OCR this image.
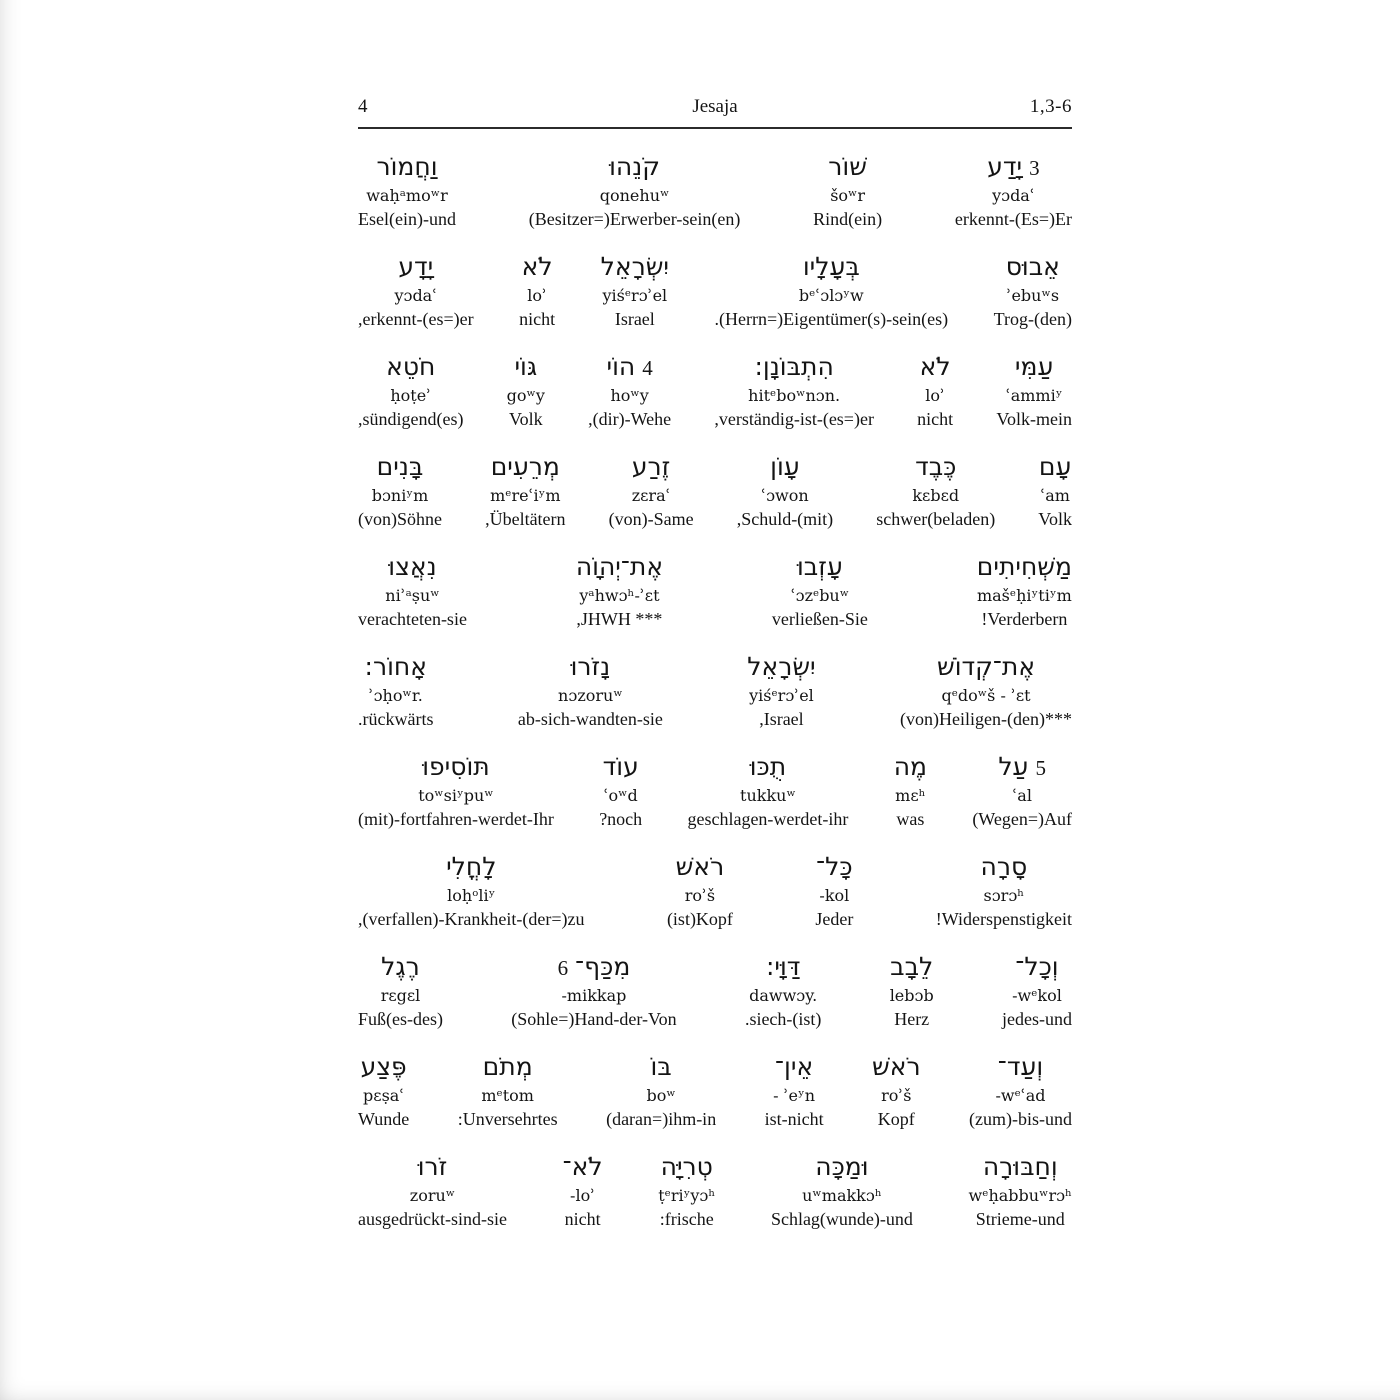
4	Jesaja	1,3-6
יָדַע 3
yɔdaʿ
erkennt-(Es=)Er
שׁוֹר
šoʷr
Rind(ein)
קֹנֵהוּ
qonehuʷ
(Besitzer=)Erwerber-sein(en)
וַחֲמוֹר
waḥᵃmoʷr
Esel(ein)-und
אֵבוּס
ʾebuʷs
Trog-(den)
בְּעָלָיו
bᵉʿɔlɔʸw
.(Herrn=)Eigentümer(s)-sein(es)
יִשְׂרָאֵל
yiśᵉrɔʾel
Israel
לֹא
loʾ
nicht
יָדָע
yɔdaʿ
,erkennt-(es=)er
עַמִּי
ʿammiʸ
Volk-mein
לֹא
loʾ
nicht
הִתְבּוֹנָן:
hitᵉboʷnɔn.
,verständig-ist-(es=)er
הוֹי 4
hoʷy
,(dir)-Wehe
גּוֹי
goʷy
Volk
חֹטֵא
ḥoṭeʾ
,sündigend(es)
עָם
ʿam
Volk
כֶּבֶד
kɛbɛd
schwer(beladen)
עָוֹן
ʿɔwon
,Schuld-(mit)
זֶרַע
zɛraʿ
(von)-Same
מְרֵעִים
mᵉreʿiʸm
,Übeltätern
בָּנִים
bɔniʸm
(von)Söhne
מַשְׁחִיתִים
mašᵉḥiʸtiʸm
!Verderbern
עָזְבוּ
ʿɔzᵉbuʷ
verließen-Sie
אֶת־יְהוָֹה
yᵃhwɔʰ-ʾɛt
,JHWH ***
נִאֲצוּ
niʾᵃṣuʷ
verachteten-sie
אֶת־קְדוֹשׁ
qᵉdoʷš - ʾɛt
(von)Heiligen-(den)***
יִשְׂרָאֵל
yiśᵉrɔʾel
,Israel
נָזֹרוּ
nɔzoruʷ
ab-sich-wandten-sie
אָחוֹר:
ʾɔḥoʷr.
.rückwärts
עַל 5
ʿal
(Wegen=)Auf
מֶה
mɛʰ
was
תֻכּוּ
tukkuʷ
geschlagen-werdet-ihr
עוֹד
ʿoʷd
?noch
תּוֹסִיפוּ
toʷsiʸpuʷ
(mit)-fortfahren-werdet-Ihr
סָרָה
sɔrɔʰ
!Widerspenstigkeit
כָּל־
-kol
Jeder
רֹאשׁ
roʾš
(ist)Kopf
לָחֳלִי
loḥᵒliʸ
,(verfallen)-Krankheit-(der=)zu
וְכָל־
-wᵉkol
jedes-und
לֵבָב
lebɔb
Herz
דַּוָּי:
dawwɔy.
.siech-(ist)
6 מִכַּף־
-mikkap
(Sohle=)Hand-der-Von
רֶגֶל
rɛgɛl
Fuß(es-des)
וְעַד־
-wᵉʿad
(zum)-bis-und
רֹאשׁ
roʾš
Kopf
אֵין־
- ʾeʸn
ist-nicht
בּוֹ
boʷ
(daran=)ihm-in
מְתֹם
mᵉtom
:Unversehrtes
פֶּצַע
pɛṣaʿ
Wunde
וְחַבּוּרָה
wᵉḥabbuʷrɔʰ
Strieme-und
וּמַכָּה
uʷmakkɔʰ
Schlag(wunde)-und
טְרִיָּה
ṭᵉriʸyɔʰ
:frische
לֹא־
-loʾ
nicht
זֹרוּ
zoruʷ
ausgedrückt-sind-sie
